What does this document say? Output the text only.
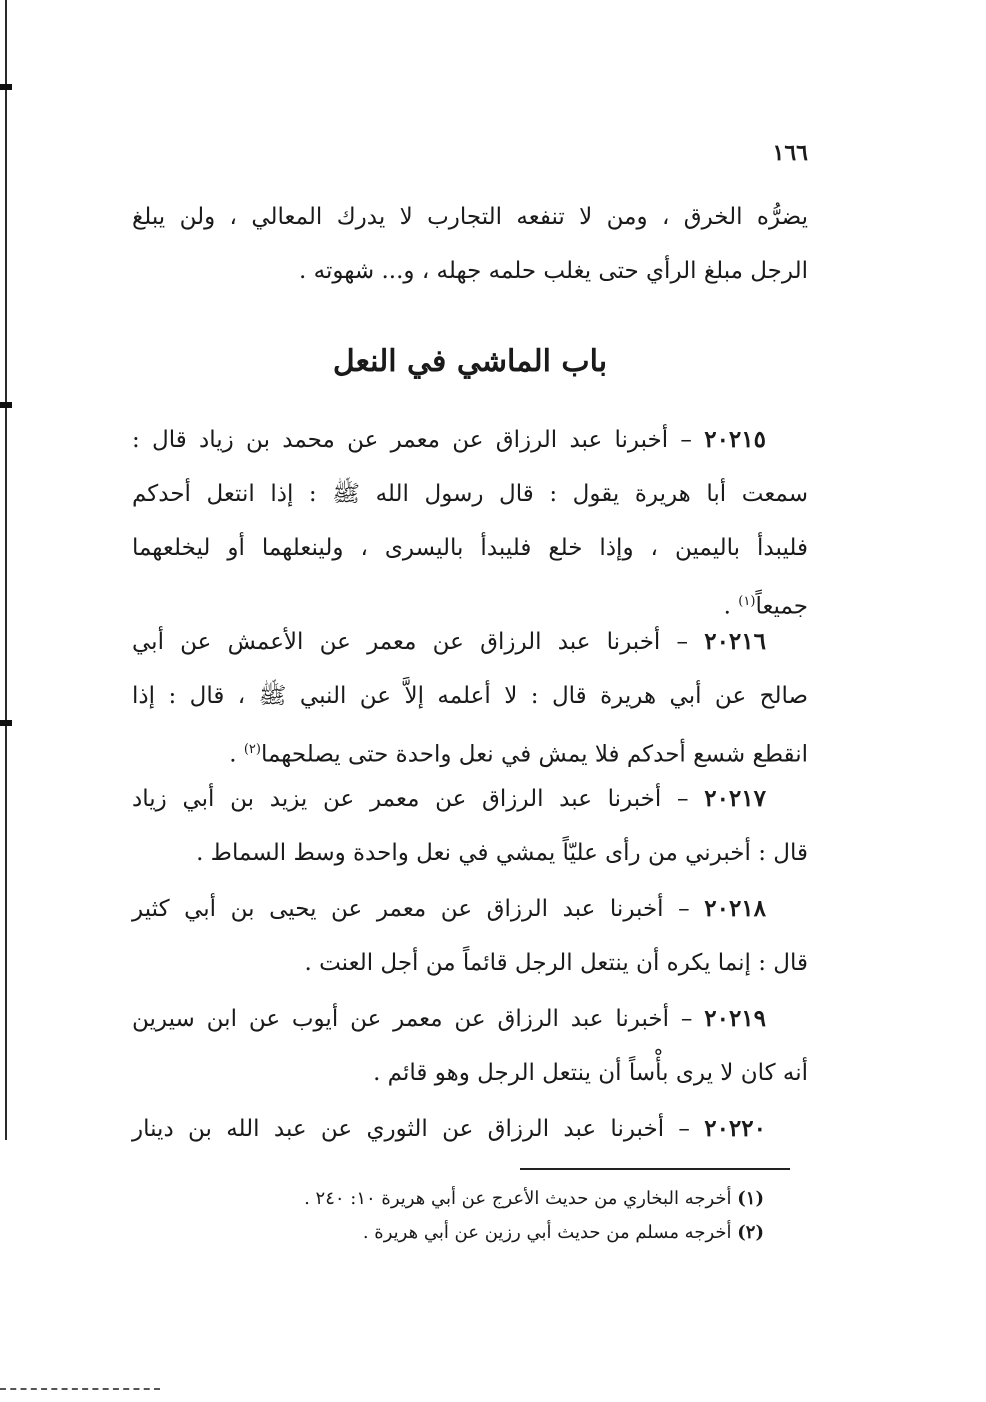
١٦٦
يضرُّه الخرق ، ومن لا تنفعه التجارب لا يدرك المعالي ، ولن يبلغ
الرجل مبلغ الرأي حتى يغلب حلمه جهله ، و... شهوته .
باب الماشي في النعل
٢٠٢١٥ – أخبرنا عبد الرزاق عن معمر عن محمد بن زياد قال :
سمعت أبا هريرة يقول : قال رسول الله ﷺ : إذا انتعل أحدكم
فليبدأ باليمين ، وإذا خلع فليبدأ باليسرى ، ولينعلهما أو ليخلعهما
جميعاً$^{(١)}$ .
٢٠٢١٦ – أخبرنا عبد الرزاق عن معمر عن الأعمش عن أبي
صالح عن أبي هريرة قال : لا أعلمه إلاَّ عن النبي ﷺ ، قال : إذا
انقطع شسع أحدكم فلا يمش في نعل واحدة حتى يصلحهما$^{(٢)}$ .
٢٠٢١٧ – أخبرنا عبد الرزاق عن معمر عن يزيد بن أبي زياد
قال : أخبرني من رأى عليّاً يمشي في نعل واحدة وسط السماط .
٢٠٢١٨ – أخبرنا عبد الرزاق عن معمر عن يحيى بن أبي كثير
قال : إنما يكره أن ينتعل الرجل قائماً من أجل العنت .
٢٠٢١٩ – أخبرنا عبد الرزاق عن معمر عن أيوب عن ابن سيرين
أنه كان لا يرى بأْساً أن ينتعل الرجل وهو قائم .
٢٠٢٢٠ – أخبرنا عبد الرزاق عن الثوري عن عبد الله بن دينار
(١) أخرجه البخاري من حديث الأعرج عن أبي هريرة ١٠: ٢٤٠ .
(٢) أخرجه مسلم من حديث أبي رزين عن أبي هريرة .
